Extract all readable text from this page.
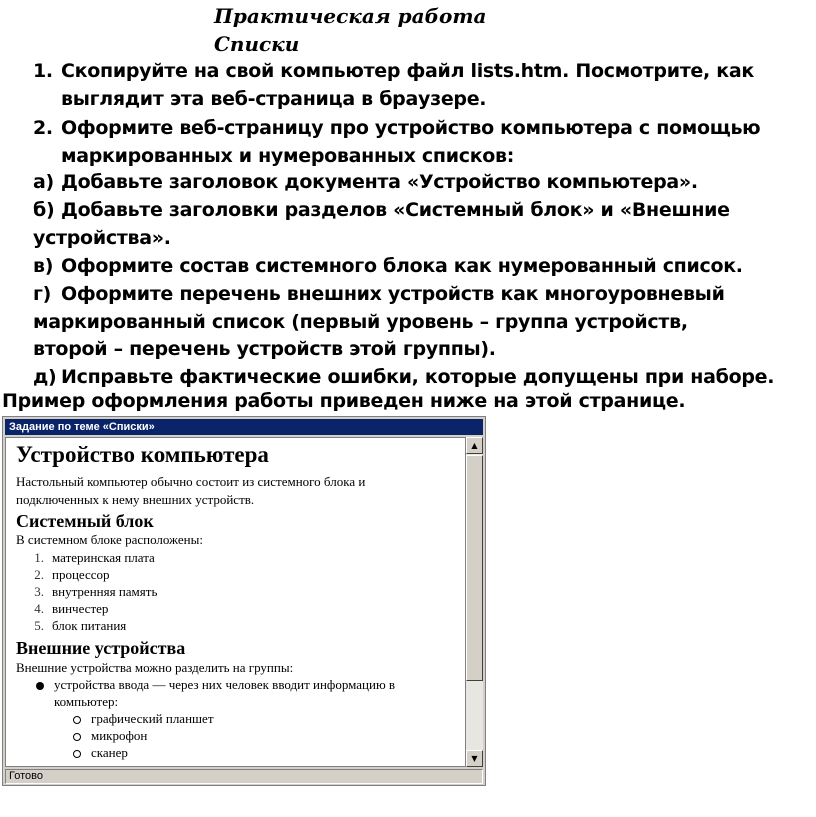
Практическая работа
Списки
1. Скопируйте на свой компьютер файл lists.htm. Посмотрите, как
выглядит эта веб-страница в браузере.
2. Оформите веб-страницу про устройство компьютера с помощью
маркированных и нумерованных списков:
а) Добавьте заголовок документа «Устройство компьютера».
б) Добавьте заголовки разделов «Системный блок» и «Внешние
устройства».
в) Оформите состав системного блока как нумерованный список.
г) Оформите перечень внешних устройств как многоуровневый
маркированный список (первый уровень – группа устройств,
второй – перечень устройств этой группы).
д) Исправьте фактические ошибки, которые допущены при наборе.
Пример оформления работы приведен ниже на этой странице.
Задание по теме «Списки»
Устройство компьютера
Настольный компьютер обычно состоит из системного блока и
подключенных к нему внешних устройств.
Системный блок
В системном блоке расположены:
1. материнская плата
2. процессор
3. внутренняя память
4. винчестер
5. блок питания
Внешние устройства
Внешние устройства можно разделить на группы:
устройства ввода — через них человек вводит информацию в
компьютер:
графический планшет
микрофон
сканер
▲
▼
Готово
